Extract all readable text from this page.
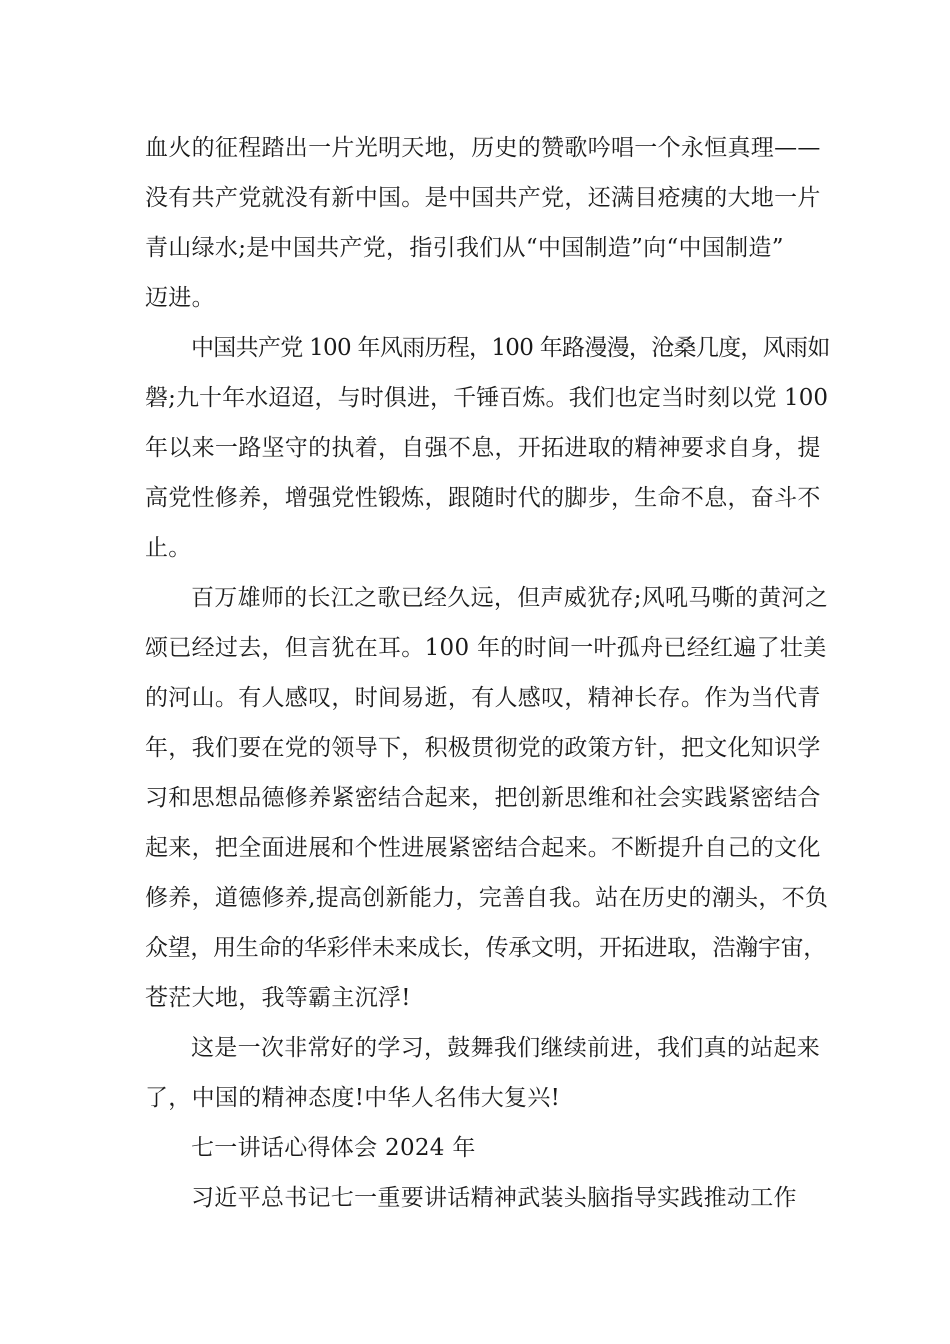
血火的征程踏出一片光明天地，历史的赞歌吟唱一个永恒真理——
没有共产党就没有新中国。是中国共产党，还满目疮痍的大地一片
青山绿水;是中国共产党，指引我们从“中国制造”向“中国制造”
迈进。
中国共产党 100 年风雨历程，100 年路漫漫，沧桑几度，风雨如
磐;九十年水迢迢，与时俱进，千锤百炼。我们也定当时刻以党 100
年以来一路坚守的执着，自强不息，开拓进取的精神要求自身，提
高党性修养，增强党性锻炼，跟随时代的脚步，生命不息，奋斗不
止。
百万雄师的长江之歌已经久远，但声威犹存;风吼马嘶的黄河之
颂已经过去，但言犹在耳。100 年的时间一叶孤舟已经红遍了壮美
的河山。有人感叹，时间易逝，有人感叹，精神长存。作为当代青
年，我们要在党的领导下，积极贯彻党的政策方针，把文化知识学
习和思想品德修养紧密结合起来，把创新思维和社会实践紧密结合
起来，把全面进展和个性进展紧密结合起来。不断提升自己的文化
修养，道德修养,提高创新能力，完善自我。站在历史的潮头，不负
众望，用生命的华彩伴未来成长，传承文明，开拓进取，浩瀚宇宙，
苍茫大地，我等霸主沉浮!
这是一次非常好的学习，鼓舞我们继续前进，我们真的站起来
了，中国的精神态度!中华人名伟大复兴!
七一讲话心得体会 2024 年
习近平总书记七一重要讲话精神武装头脑指导实践推动工作
